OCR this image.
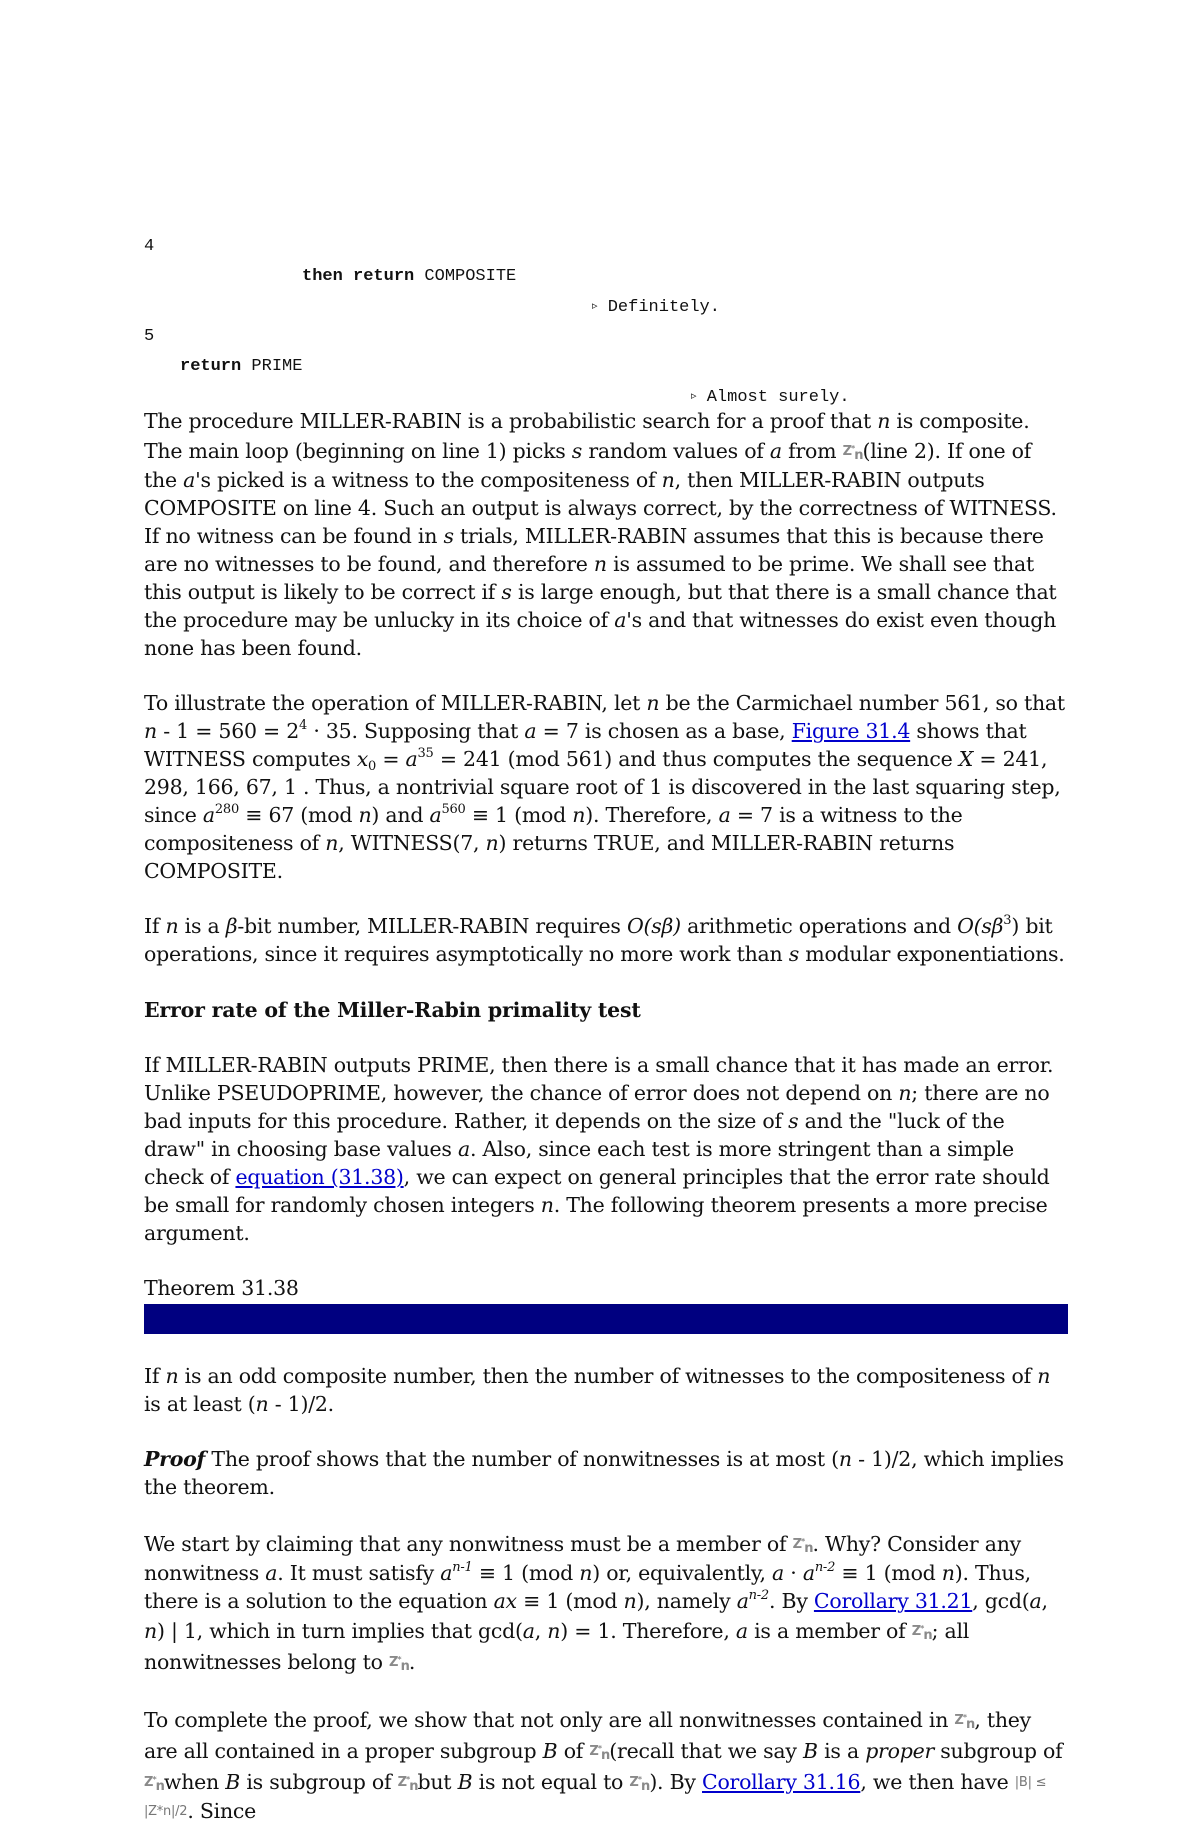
4

then return COMPOSITE

▹ Definitely.

5

return PRIME

▹ Almost surely.

The procedure MILLER-RABIN is a probabilistic search for a proof that n is composite. The main loop (beginning on line 1) picks s random values of a from $Z^*_n(line$ 2). If one of the a's picked is a witness to the compositeness of n, then MILLER-RABIN outputs COMPOSITE on line 4. Such an output is always correct, by the correctness of WITNESS. If no witness can be found in s trials, MILLER-RABIN assumes that this is because there are no witnesses to be found, and therefore n is assumed to be prime. We shall see that this output is likely to be correct if s is large enough, but that there is a small chance that the procedure may be unlucky in its choice of a's and that witnesses do exist even though none has been found.

To illustrate the operation of MILLER-RABIN, let n be the Carmichael number 561, so that $n - 1 = 560 = 2^4 \cdot 35$. Supposing that a = 7 is chosen as a base, Figure 31.4 shows that WITNESS computes $x_0 = a^{35} = 241$ (mod 561) and thus computes the sequence X = 241, 298, 166, 67, 1 . Thus, a nontrivial square root of 1 is discovered in the last squaring step, since $a^{280} \equiv 67$ (mod n) and $a^{560} \equiv 1$ (mod n). Therefore, a = 7 is a witness to the compositeness of n, WITNESS(7, n) returns TRUE, and MILLER-RABIN returns COMPOSITE.

If n is a β-bit number, MILLER-RABIN requires O(sβ) arithmetic operations and $O(s\beta^3)$ bit operations, since it requires asymptotically no more work than s modular exponentiations.

Error rate of the Miller-Rabin primality test

If MILLER-RABIN outputs PRIME, then there is a small chance that it has made an error. Unlike PSEUDOPRIME, however, the chance of error does not depend on n; there are no bad inputs for this procedure. Rather, it depends on the size of s and the "luck of the draw" in choosing base values a. Also, since each test is more stringent than a simple check of equation (31.38), we can expect on general principles that the error rate should be small for randomly chosen integers n. The following theorem presents a more precise argument.

Theorem 31.38

If n is an odd composite number, then the number of witnesses to the compositeness of n is at least (n - 1)/2.

Proof The proof shows that the number of nonwitnesses is at most (n - 1)/2, which implies the theorem.

We start by claiming that any nonwitness must be a member of $Z^*_n$. Why? Consider any nonwitness a. It must satisfy $a^{n-1} \equiv 1$ (mod n) or, equivalently, $a \cdot a^{n-2} \equiv 1$ (mod n). Thus, there is a solution to the equation ax ≡ 1 (mod n), namely $a^{n-2}$. By Corollary 31.21, gcd(a, n) | 1, which in turn implies that gcd(a, n) = 1. Therefore, a is a member of $Z^*_n$; all nonwitnesses belong to $Z^*_n$.

To complete the proof, we show that not only are all nonwitnesses contained in $Z^*_n$, they are all contained in a proper subgroup B of $Z^*_n(recall$ that we say B is a proper subgroup of $Z^*_nwhen$ B is subgroup of $Z^*_nbut$ B is not equal to $Z^*_n$). By Corollary 31.16, we then have |B| ≤ |Z*n|/2. Since
